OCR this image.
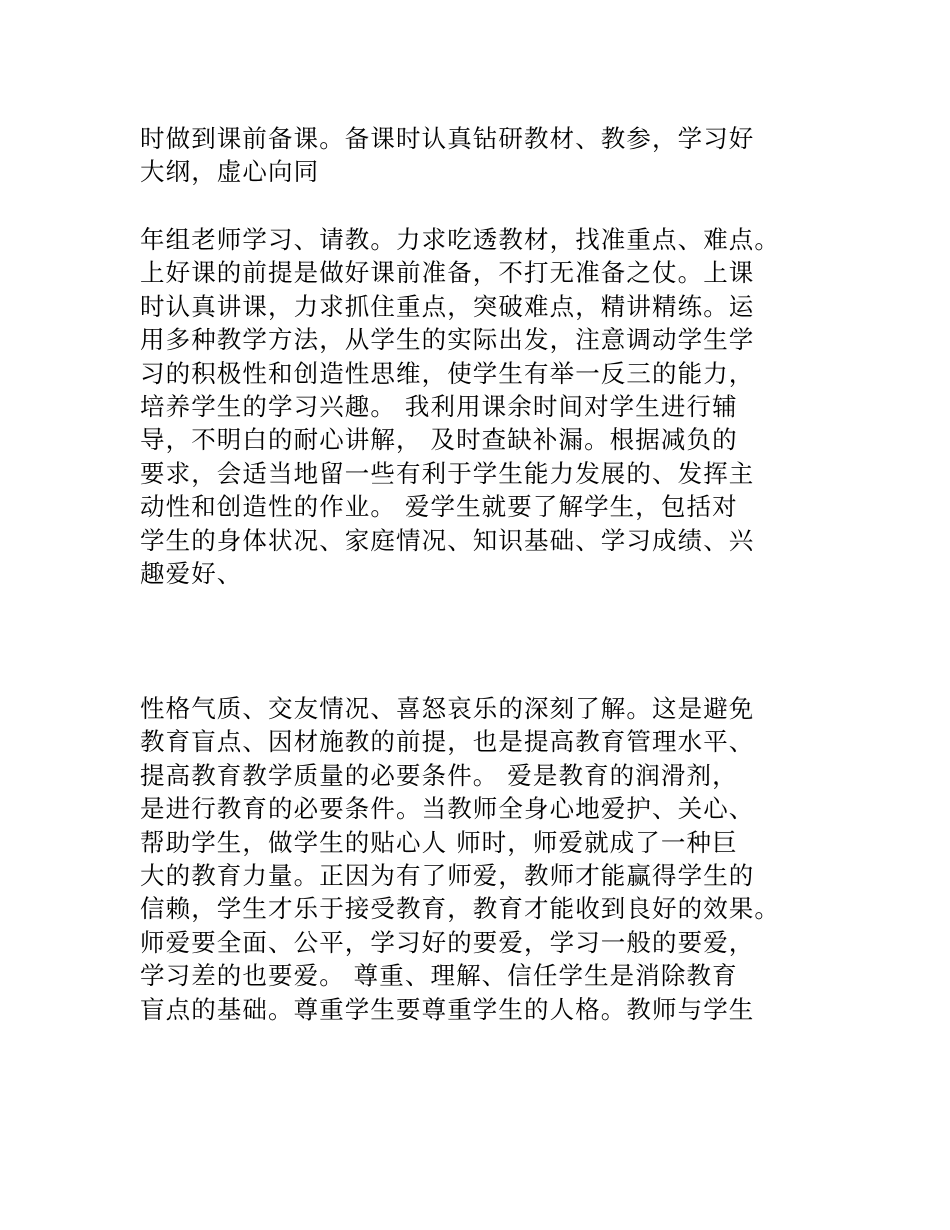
时做到课前备课。备课时认真钻研教材、教参，学习好
大纲，虚心向同
年组老师学习、请教。力求吃透教材，找准重点、难点。
上好课的前提是做好课前准备，不打无准备之仗。上课
时认真讲课，力求抓住重点，突破难点，精讲精练。运
用多种教学方法，从学生的实际出发，注意调动学生学
习的积极性和创造性思维，使学生有举一反三的能力，
培养学生的学习兴趣。 我利用课余时间对学生进行辅
导，不明白的耐心讲解， 及时查缺补漏。根据减负的
要求，会适当地留一些有利于学生能力发展的、发挥主
动性和创造性的作业。 爱学生就要了解学生，包括对
学生的身体状况、家庭情况、知识基础、学习成绩、兴
趣爱好、
性格气质、交友情况、喜怒哀乐的深刻了解。这是避免
教育盲点、因材施教的前提，也是提高教育管理水平、
提高教育教学质量的必要条件。 爱是教育的润滑剂，
是进行教育的必要条件。当教师全身心地爱护、关心、
帮助学生，做学生的贴心人 师时，师爱就成了一种巨
大的教育力量。正因为有了师爱，教师才能赢得学生的
信赖，学生才乐于接受教育，教育才能收到良好的效果。
师爱要全面、公平，学习好的要爱，学习一般的要爱，
学习差的也要爱。 尊重、理解、信任学生是消除教育
盲点的基础。尊重学生要尊重学生的人格。教师与学生
